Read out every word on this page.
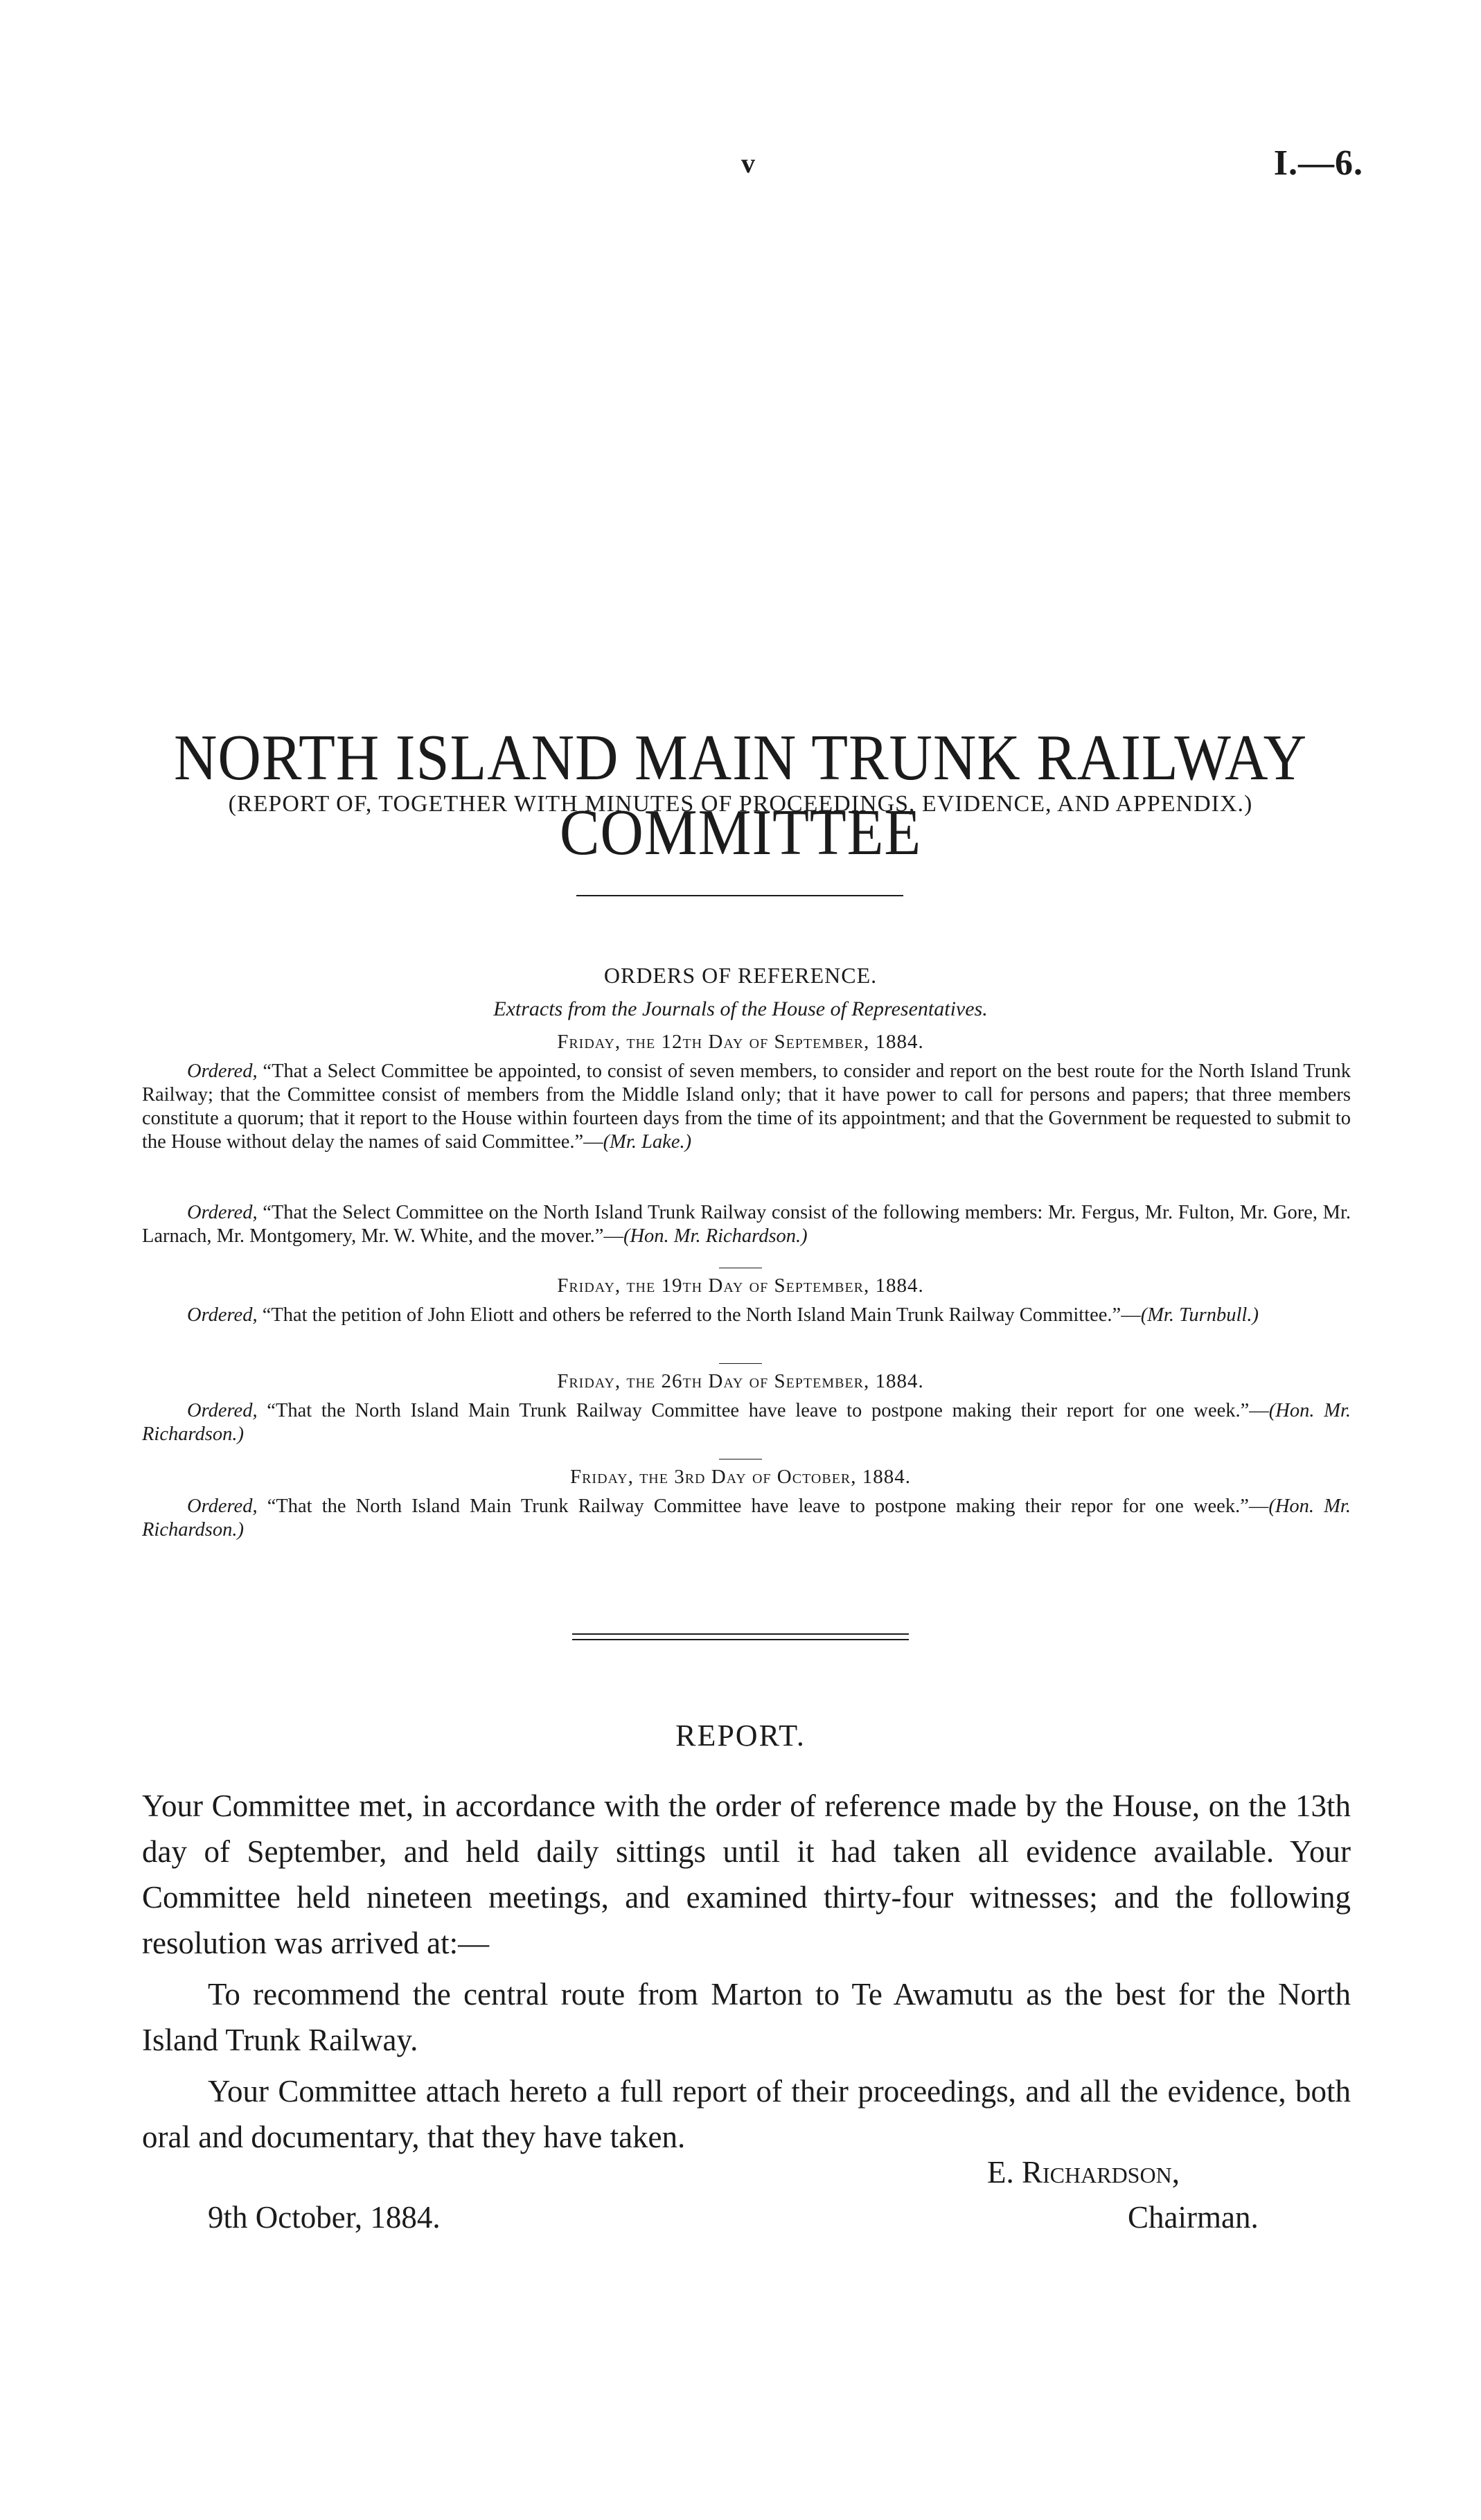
v	I.—6.
NORTH ISLAND MAIN TRUNK RAILWAY COMMITTEE
(REPORT OF, TOGETHER WITH MINUTES OF PROCEEDINGS, EVIDENCE, AND APPENDIX.)
ORDERS OF REFERENCE.
Extracts from the Journals of the House of Representatives.
Friday, the 12th Day of September, 1884.
Ordered, “That a Select Committee be appointed, to consist of seven members, to consider and report on the best route for the North Island Trunk Railway; that the Committee consist of members from the Middle Island only; that it have power to call for persons and papers; that three members constitute a quorum; that it report to the House within fourteen days from the time of its appointment; and that the Government be requested to submit to the House without delay the names of said Committee.”—(Mr. Lake.)
Ordered, “That the Select Committee on the North Island Trunk Railway consist of the following members: Mr. Fergus, Mr. Fulton, Mr. Gore, Mr. Larnach, Mr. Montgomery, Mr. W. White, and the mover.”—(Hon. Mr. Richardson.)
Friday, the 19th Day of September, 1884.
Ordered, “That the petition of John Eliott and others be referred to the North Island Main Trunk Railway Committee.”—(Mr. Turnbull.)
Friday, the 26th Day of September, 1884.
Ordered, “That the North Island Main Trunk Railway Committee have leave to postpone making their report for one week.”—(Hon. Mr. Richardson.)
Friday, the 3rd Day of October, 1884.
Ordered, “That the North Island Main Trunk Railway Committee have leave to postpone making their repor for one week.”—(Hon. Mr. Richardson.)
REPORT.
Your Committee met, in accordance with the order of reference made by the House, on the 13th day of September, and held daily sittings until it had taken all evidence available. Your Committee held nineteen meetings, and examined thirty-four witnesses; and the following resolution was arrived at:—
To recommend the central route from Marton to Te Awamutu as the best for the North Island Trunk Railway.
Your Committee attach hereto a full report of their proceedings, and all the evidence, both oral and documentary, that they have taken.
E. Richardson,
Chairman.
9th October, 1884.
